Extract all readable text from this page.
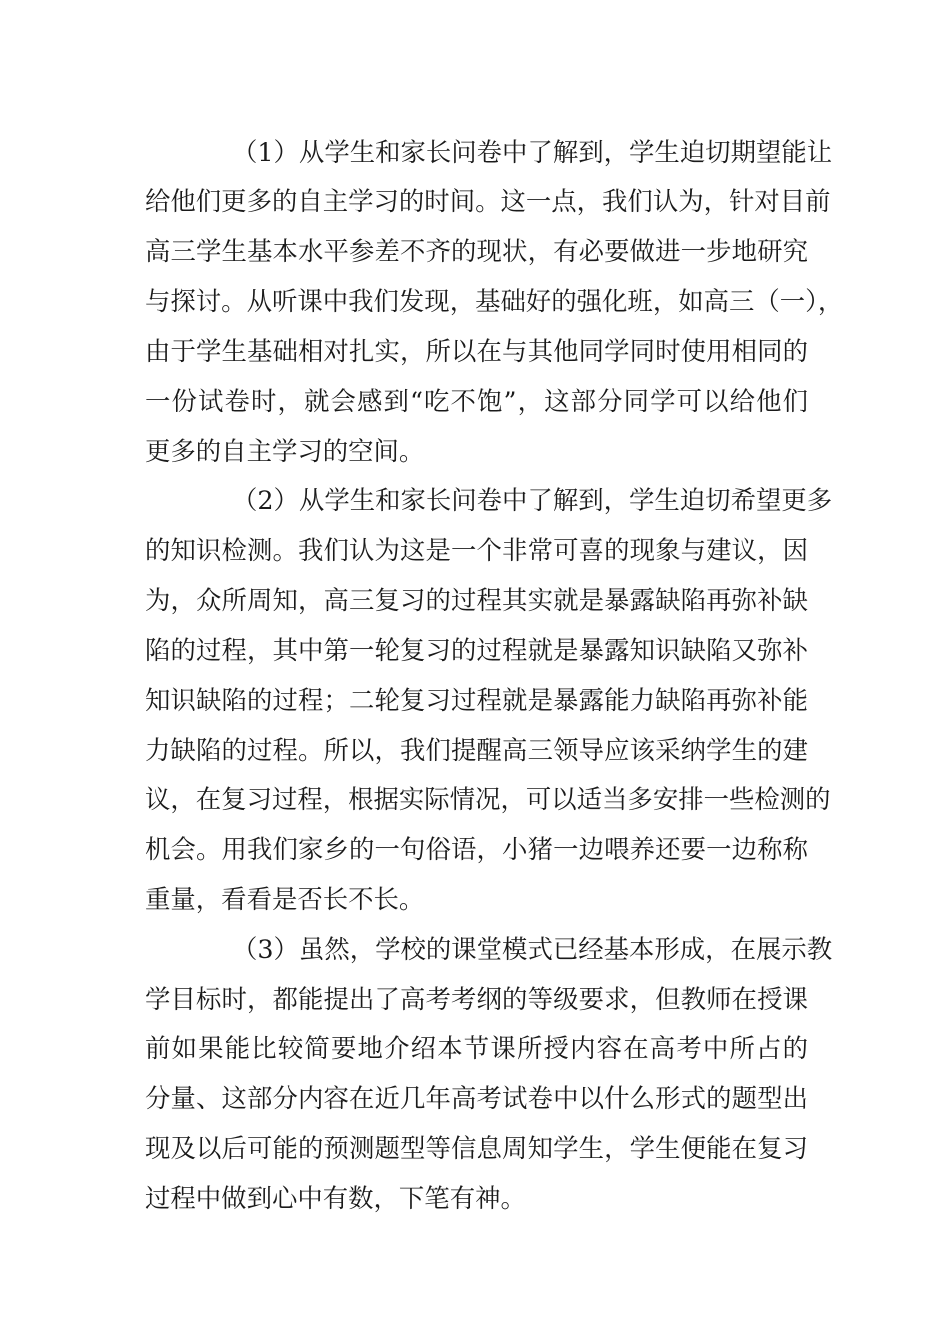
（1）从学生和家长问卷中了解到，学生迫切期望能让
给他们更多的自主学习的时间。这一点，我们认为，针对目前
高三学生基本水平参差不齐的现状，有必要做进一步地研究
与探讨。从听课中我们发现，基础好的强化班，如高三（一），
由于学生基础相对扎实，所以在与其他同学同时使用相同的
一份试卷时，就会感到“吃不饱”，这部分同学可以给他们
更多的自主学习的空间。
（2）从学生和家长问卷中了解到，学生迫切希望更多
的知识检测。我们认为这是一个非常可喜的现象与建议，因
为，众所周知，高三复习的过程其实就是暴露缺陷再弥补缺
陷的过程，其中第一轮复习的过程就是暴露知识缺陷又弥补
知识缺陷的过程；二轮复习过程就是暴露能力缺陷再弥补能
力缺陷的过程。所以，我们提醒高三领导应该采纳学生的建
议，在复习过程，根据实际情况，可以适当多安排一些检测的
机会。用我们家乡的一句俗语，小猪一边喂养还要一边称称
重量，看看是否长不长。
（3）虽然，学校的课堂模式已经基本形成，在展示教
学目标时，都能提出了高考考纲的等级要求，但教师在授课
前如果能比较简要地介绍本节课所授内容在高考中所占的
分量、这部分内容在近几年高考试卷中以什么形式的题型出
现及以后可能的预测题型等信息周知学生，学生便能在复习
过程中做到心中有数，下笔有神。
